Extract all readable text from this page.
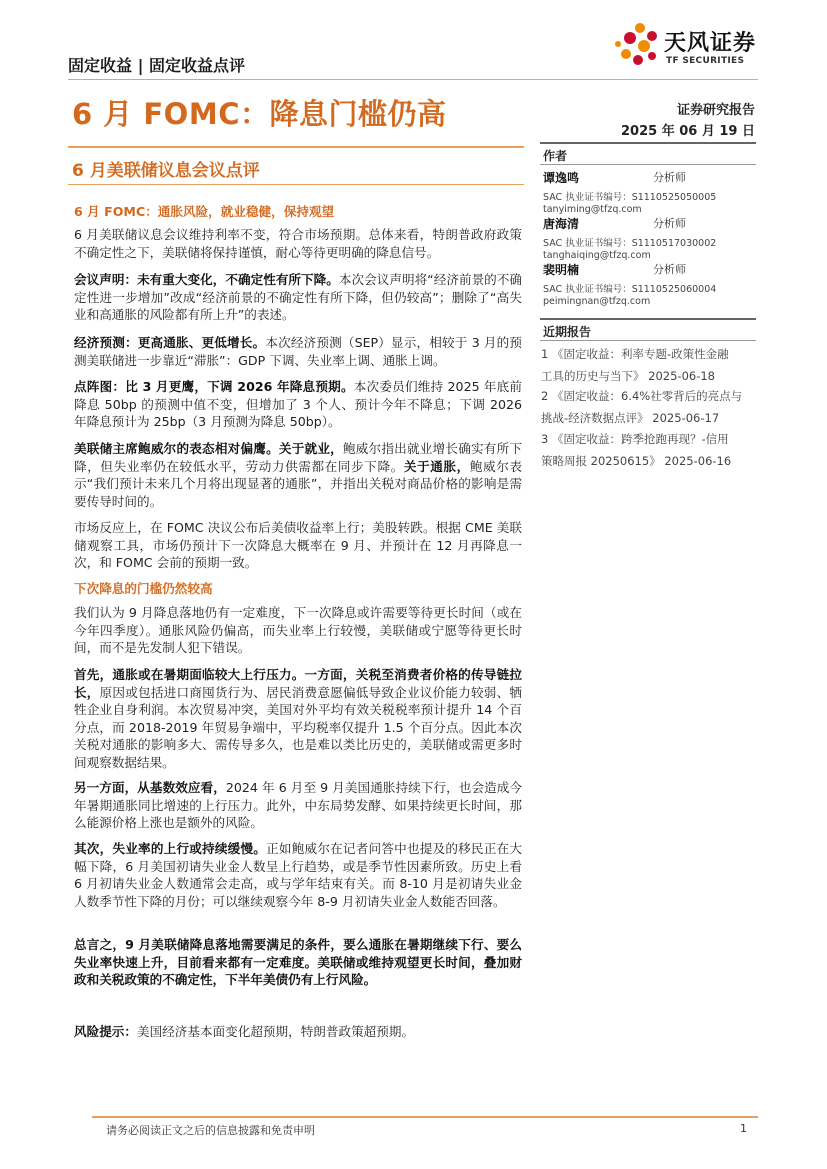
固定收益 | 固定收益点评
天风证券
TF SECURITIES
6 月 FOMC：降息门槛仍高
6 月美联储议息会议点评
证券研究报告
2025 年 06 月 19 日
作者
谭逸鸣	分析师
SAC 执业证书编号：S1110525050005
tanyiming@tfzq.com
唐海清	分析师
SAC 执业证书编号：S1110517030002
tanghaiqing@tfzq.com
裴明楠	分析师
SAC 执业证书编号：S1110525060004
peimingnan@tfzq.com
近期报告
1 《固定收益：利率专题-政策性金融
工具的历史与当下》 2025-06-18
2 《固定收益：6.4%社零背后的亮点与
挑战-经济数据点评》 2025-06-17
3 《固定收益：跨季抢跑再现？-信用
策略周报 20250615》 2025-06-16
6 月 FOMC：通胀风险，就业稳健，保持观望
6 月美联储议息会议维持利率不变，符合市场预期。总体来看，特朗普政府政策不确定性之下，美联储将保持谨慎，耐心等待更明确的降息信号。
会议声明：未有重大变化，不确定性有所下降。本次会议声明将“经济前景的不确定性进一步增加”改成“经济前景的不确定性有所下降，但仍较高”；删除了“高失业和高通胀的风险都有所上升”的表述。
经济预测：更高通胀、更低增长。本次经济预测（SEP）显示，相较于 3 月的预测美联储进一步靠近“滞胀”：GDP 下调、失业率上调、通胀上调。
点阵图：比 3 月更鹰，下调 2026 年降息预期。本次委员们维持 2025 年底前降息 50bp 的预测中值不变，但增加了 3 个人、预计今年不降息；下调 2026 年降息预计为 25bp（3 月预测为降息 50bp）。
美联储主席鲍威尔的表态相对偏鹰。关于就业，鲍威尔指出就业增长确实有所下降，但失业率仍在较低水平，劳动力供需都在同步下降。关于通胀，鲍威尔表示“我们预计未来几个月将出现显著的通胀”，并指出关税对商品价格的影响是需要传导时间的。
市场反应上，在 FOMC 决议公布后美债收益率上行；美股转跌。根据 CME 美联储观察工具，市场仍预计下一次降息大概率在 9 月、并预计在 12 月再降息一次，和 FOMC 会前的预期一致。
下次降息的门槛仍然较高
我们认为 9 月降息落地仍有一定难度，下一次降息或许需要等待更长时间（或在今年四季度）。通胀风险仍偏高，而失业率上行较慢，美联储或宁愿等待更长时间，而不是先发制人犯下错误。
首先，通胀或在暑期面临较大上行压力。一方面，关税至消费者价格的传导链拉长，原因或包括进口商囤货行为、居民消费意愿偏低导致企业议价能力较弱、牺牲企业自身利润。本次贸易冲突，美国对外平均有效关税税率预计提升 14 个百分点，而 2018-2019 年贸易争端中，平均税率仅提升 1.5 个百分点。因此本次关税对通胀的影响多大、需传导多久，也是难以类比历史的，美联储或需更多时间观察数据结果。
另一方面，从基数效应看，2024 年 6 月至 9 月美国通胀持续下行，也会造成今年暑期通胀同比增速的上行压力。此外，中东局势发酵、如果持续更长时间，那么能源价格上涨也是额外的风险。
其次，失业率的上行或持续缓慢。正如鲍威尔在记者问答中也提及的移民正在大幅下降，6 月美国初请失业金人数呈上行趋势，或是季节性因素所致。历史上看 6 月初请失业金人数通常会走高，或与学年结束有关。而 8-10 月是初请失业金人数季节性下降的月份；可以继续观察今年 8-9 月初请失业金人数能否回落。
总言之，9 月美联储降息落地需要满足的条件，要么通胀在暑期继续下行、要么失业率快速上升，目前看来都有一定难度。美联储或维持观望更长时间，叠加财政和关税政策的不确定性，下半年美债仍有上行风险。
风险提示：美国经济基本面变化超预期，特朗普政策超预期。
请务必阅读正文之后的信息披露和免责申明	1
